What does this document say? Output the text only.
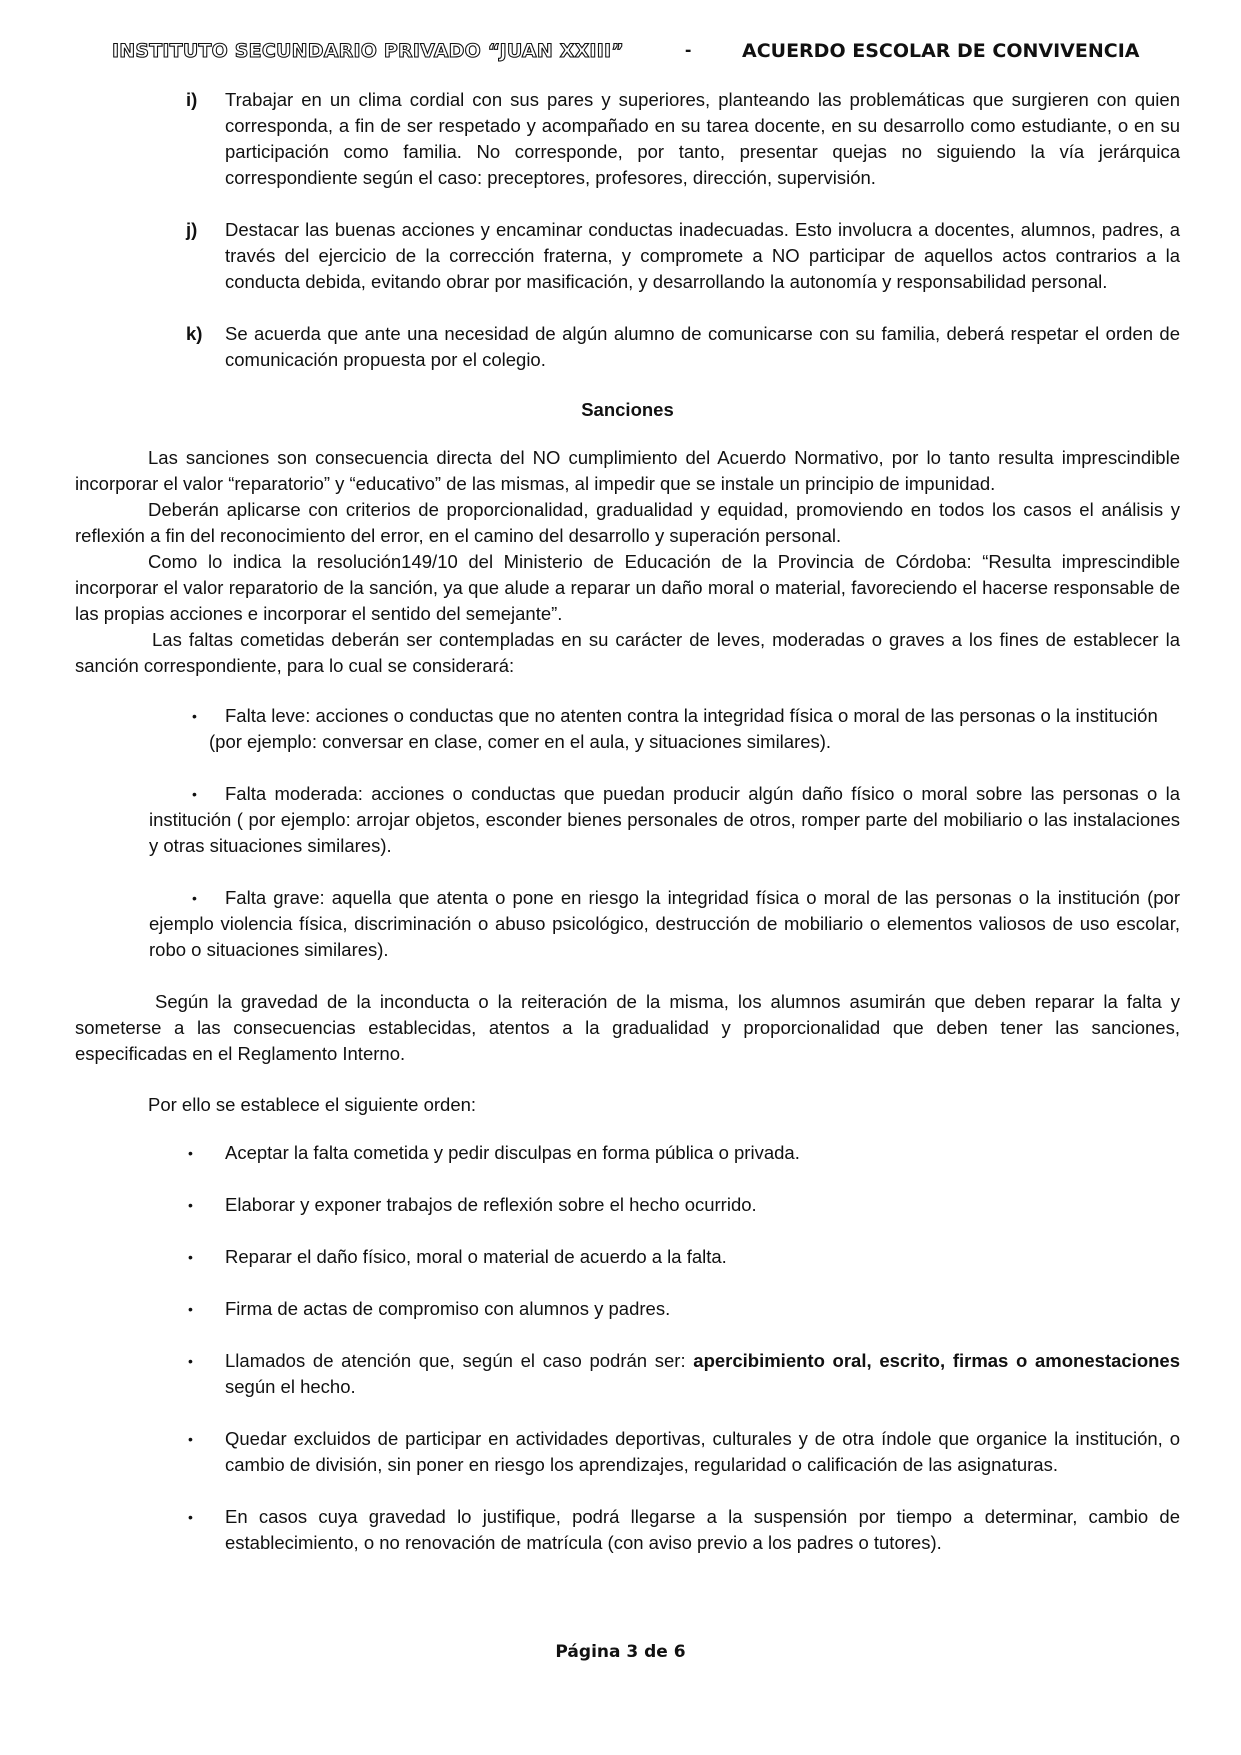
INSTITUTO SECUNDARIO PRIVADO “JUAN XXIII”	-	ACUERDO ESCOLAR DE CONVIVENCIA

i) Trabajar en un clima cordial con sus pares y superiores, planteando las problemáticas que surgieren con quien corresponda, a fin de ser respetado y acompañado en su tarea docente, en su desarrollo como estudiante, o en su participación como familia. No corresponde, por tanto, presentar quejas no siguiendo la vía jerárquica correspondiente según el caso: preceptores, profesores, dirección, supervisión.

j) Destacar las buenas acciones y encaminar conductas inadecuadas. Esto involucra a docentes, alumnos, padres, a través del ejercicio de la corrección fraterna, y compromete a NO participar de aquellos actos contrarios a la conducta debida, evitando obrar por masificación, y desarrollando la autonomía y responsabilidad personal.

k) Se acuerda que ante una necesidad de algún alumno de comunicarse con su familia, deberá respetar el orden de comunicación propuesta por el colegio.

Sanciones

Las sanciones son consecuencia directa del NO cumplimiento del Acuerdo Normativo, por lo tanto resulta imprescindible incorporar el valor “reparatorio” y “educativo” de las mismas, al impedir que se instale un principio de impunidad.

Deberán aplicarse con criterios de proporcionalidad, gradualidad y equidad, promoviendo en todos los casos el análisis y reflexión a fin del reconocimiento del error, en el camino del desarrollo y superación personal.

Como lo indica la resolución149/10 del Ministerio de Educación de la Provincia de Córdoba: “Resulta imprescindible incorporar el valor reparatorio de la sanción, ya que alude a reparar un daño moral o material, favoreciendo el hacerse responsable de las propias acciones e incorporar el sentido del semejante”.

Las faltas cometidas deberán ser contempladas en su carácter de leves, moderadas o graves a los fines de establecer la sanción correspondiente, para lo cual se considerará:

• Falta leve: acciones o conductas que no atenten contra la integridad física o moral de las personas o la institución
(por ejemplo: conversar en clase, comer en el aula, y situaciones similares).

• Falta moderada: acciones o conductas que puedan producir algún daño físico o moral sobre las personas o la institución ( por ejemplo: arrojar objetos, esconder bienes personales de otros, romper parte del mobiliario o las instalaciones y otras situaciones similares).

• Falta grave: aquella que atenta o pone en riesgo la integridad física o moral de las personas o la institución (por ejemplo violencia física, discriminación o abuso psicológico, destrucción de mobiliario o elementos valiosos de uso escolar, robo o situaciones similares).

Según la gravedad de la inconducta o la reiteración de la misma, los alumnos asumirán que deben reparar la falta y someterse a las consecuencias establecidas, atentos a la gradualidad y proporcionalidad que deben tener las sanciones, especificadas en el Reglamento Interno.

Por ello se establece el siguiente orden:

• Aceptar la falta cometida y pedir disculpas en forma pública o privada.
• Elaborar y exponer trabajos de reflexión sobre el hecho ocurrido.
• Reparar el daño físico, moral o material de acuerdo a la falta.
• Firma de actas de compromiso con alumnos y padres.
• Llamados de atención que, según el caso podrán ser: apercibimiento oral, escrito, firmas o amonestaciones según el hecho.
• Quedar excluidos de participar en actividades deportivas, culturales y de otra índole que organice la institución, o cambio de división, sin poner en riesgo los aprendizajes, regularidad o calificación de las asignaturas.
• En casos cuya gravedad lo justifique, podrá llegarse a la suspensión por tiempo a determinar, cambio de establecimiento, o no renovación de matrícula (con aviso previo a los padres o tutores).
Página 3 de 6
